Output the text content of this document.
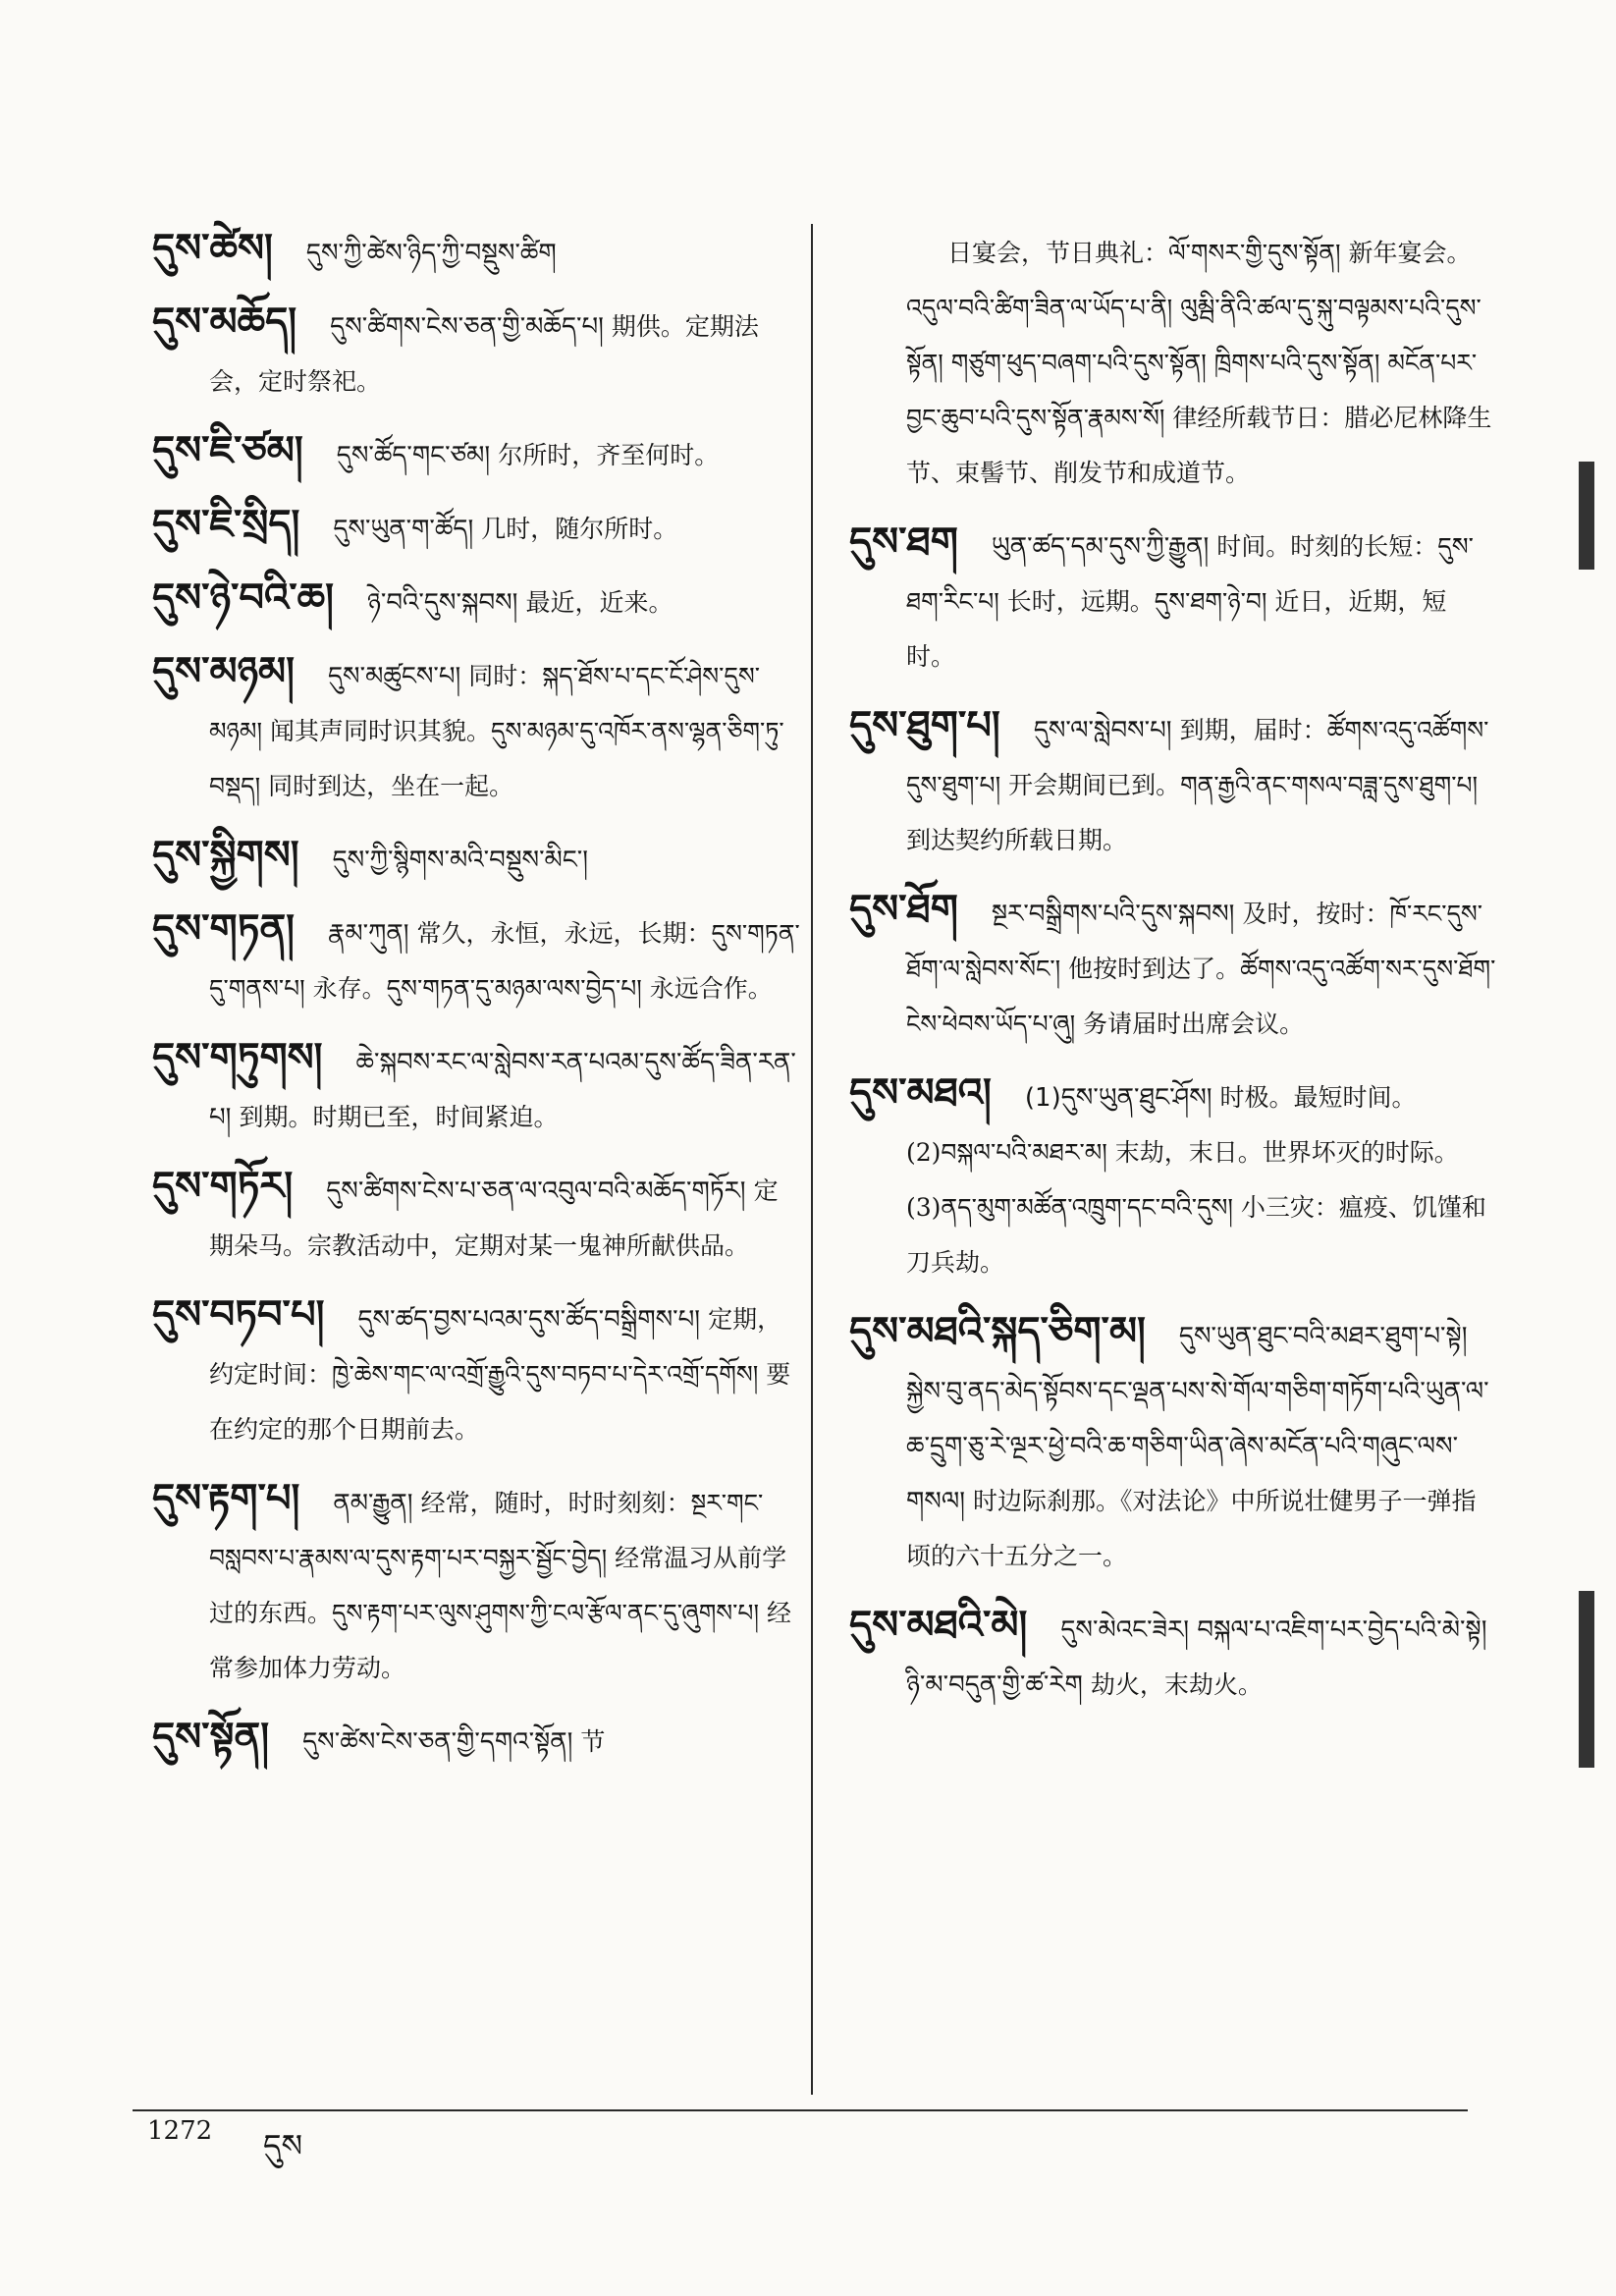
དུས་ཚེས། དུས་ཀྱི་ཚེས་ཉིད་ཀྱི་བསྡུས་ཚིག
དུས་མཆོད། དུས་ཚིགས་ངེས་ཅན་གྱི་མཆོད་པ། 期供。定期法会，定时祭祀。
དུས་ཇི་ཙམ། དུས་ཚོད་གང་ཙམ། 尔所时，齐至何时。
དུས་ཇི་སྲིད། དུས་ཡུན་ག་ཚོད། 几时，随尔所时。
དུས་ཉེ་བའི་ཆ། ཉེ་བའི་དུས་སྐབས། 最近，近来。
དུས་མཉམ། དུས་མཚུངས་པ། 同时：སྐད་ཐོས་པ་དང་ངོ་ཤེས་དུས་མཉམ། 闻其声同时识其貌。དུས་མཉམ་དུ་འཁོར་ནས་ལྷན་ཅིག་ཏུ་བསྡད། 同时到达，坐在一起。
དུས་སྐྱིགས། དུས་ཀྱི་སྙིགས་མའི་བསྡུས་མིང་།
དུས་གཏན། རྣམ་ཀུན། 常久，永恒，永远，长期：དུས་གཏན་དུ་གནས་པ། 永存。དུས་གཏན་དུ་མཉམ་ལས་བྱེད་པ། 永远合作。
དུས་གཏུགས། ཆེ་སྐབས་རང་ལ་སླེབས་རན་པའམ་དུས་ཚོད་ཟིན་རན་པ། 到期。时期已至，时间紧迫。
དུས་གཏོར། དུས་ཚིགས་ངེས་པ་ཅན་ལ་འབུལ་བའི་མཆོད་གཏོར། 定期朵马。宗教活动中，定期对某一鬼神所献供品。
དུས་བཏབ་པ། དུས་ཚད་བྱས་པའམ་དུས་ཚོད་བསྒྲིགས་པ། 定期，约定时间：ཁྱེ་ཆེས་གང་ལ་འགྲོ་རྒྱུའི་དུས་བཏབ་པ་དེར་འགྲོ་དགོས། 要在约定的那个日期前去。
དུས་རྟག་པ། ནམ་རྒྱུན། 经常，随时，时时刻刻：སྔར་གང་བསླབས་པ་རྣམས་ལ་དུས་རྟག་པར་བསྐྱར་སྦྱོང་བྱེད། 经常温习从前学过的东西。དུས་རྟག་པར་ལུས་ཤུགས་ཀྱི་ངལ་རྩོལ་ནང་དུ་ཞུགས་པ། 经常参加体力劳动。
དུས་སྟོན། དུས་ཚེས་ངེས་ཅན་གྱི་དགའ་སྟོན། 节
日宴会，节日典礼：ལོ་གསར་གྱི་དུས་སྟོན། 新年宴会。འདུལ་བའི་ཚིག་ཟིན་ལ་ཡོད་པ་ནི། ལུམྦི་ནིའི་ཚལ་དུ་སྐུ་བལྟམས་པའི་དུས་སྟོན། གཙུག་ཕུད་བཞག་པའི་དུས་སྟོན། ཁྲིགས་པའི་དུས་སྟོན། མངོན་པར་བྱང་ཆུབ་པའི་དུས་སྟོན་རྣམས་སོ། 律经所载节日：腊必尼林降生节、束髻节、削发节和成道节。
དུས་ཐག ཡུན་ཚད་དམ་དུས་ཀྱི་རྒྱུན། 时间。时刻的长短：དུས་ཐག་རིང་པ། 长时，远期。དུས་ཐག་ཉེ་བ། 近日，近期，短时。
དུས་ཐུག་པ། དུས་ལ་སླེབས་པ། 到期，届时：ཚོགས་འདུ་འཚོགས་དུས་ཐུག་པ། 开会期间已到。གན་རྒྱའི་ནང་གསལ་བཟླ་དུས་ཐུག་པ། 到达契约所载日期。
དུས་ཐོག སྔར་བསྒྲིགས་པའི་དུས་སྐབས། 及时，按时：ཁོ་རང་དུས་ཐོག་ལ་སླེབས་སོང་། 他按时到达了。ཚོགས་འདུ་འཚོག་སར་དུས་ཐོག་ངེས་ཕེབས་ཡོད་པ་ཞུ། 务请届时出席会议。
དུས་མཐའ། (1)དུས་ཡུན་ཐུང་ཤོས། 时极。最短时间。(2)བསྐལ་པའི་མཐར་མ། 末劫，末日。世界坏灭的时际。(3)ནད་མུག་མཚོན་འཁྲུག་དང་བའི་དུས། 小三灾：瘟疫、饥馑和刀兵劫。
དུས་མཐའི་སྐད་ཅིག་མ། དུས་ཡུན་ཐུང་བའི་མཐར་ཐུག་པ་སྟེ། སྐྱེས་བུ་ནད་མེད་སྟོབས་དང་ལྡན་པས་སེ་གོལ་གཅིག་གཏོག་པའི་ཡུན་ལ་ཆ་དྲུག་ཅུ་རེ་ལྔར་ཕྱེ་བའི་ཆ་གཅིག་ཡིན་ཞེས་མངོན་པའི་གཞུང་ལས་གསལ། 时边际刹那。《对法论》中所说壮健男子一弹指顷的六十五分之一。
དུས་མཐའི་མེ། དུས་མེའང་ཟེར། བསྐལ་པ་འཇིག་པར་བྱེད་པའི་མེ་སྟེ། ཉི་མ་བདུན་གྱི་ཚ་རེག 劫火，末劫火。
1272 དུས
